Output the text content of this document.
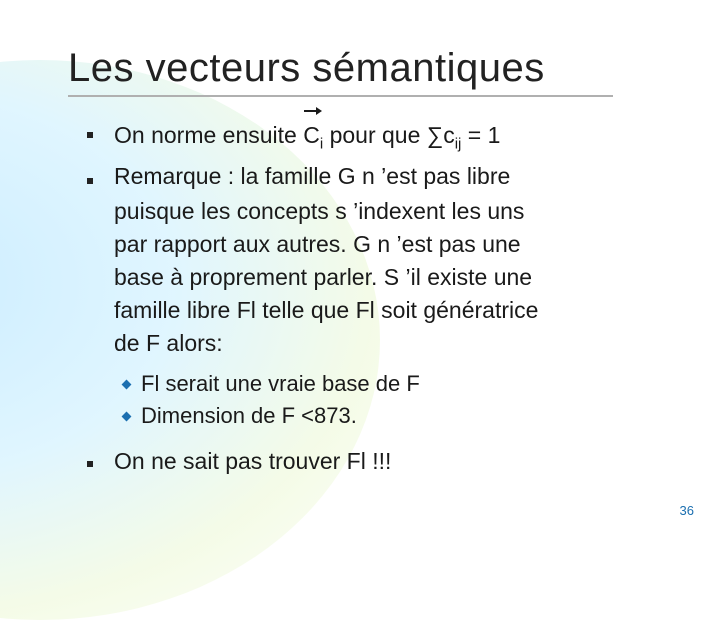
Les vecteurs sémantiques
On norme ensuite
$C_i$ pour que $\sum c_{ij} = 1$
Remarque : la famille G n ’est pas libre
puisque les concepts s ’indexent les uns
par rapport aux autres. G n ’est pas une
base à proprement parler. S ’il existe une
famille libre Fl telle que Fl soit génératrice
de F alors:
Fl serait une vraie base de F
Dimension de F <873.
On ne sait pas trouver Fl !!!
36
